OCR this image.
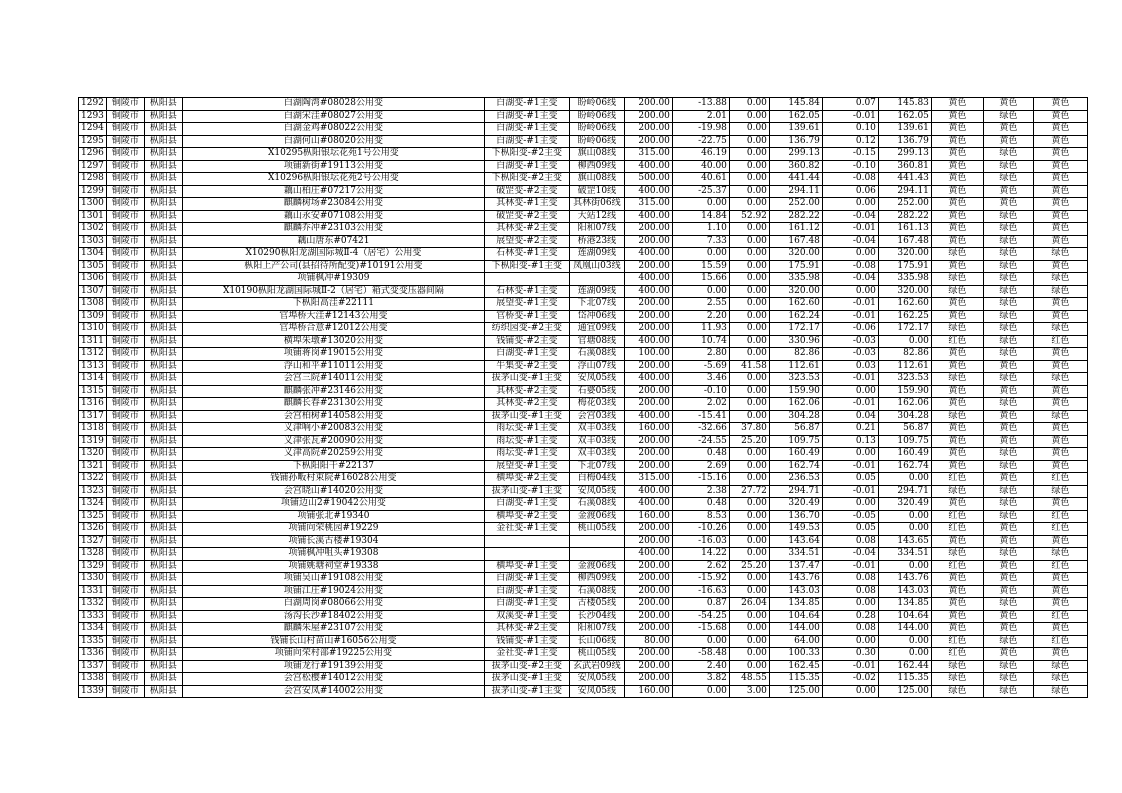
1292	铜陵市	枞阳县	白湖陶湾#08028公用变	白湖变-#1主变	盼岭06线	200.00	-13.88	0.00	145.84	0.07	145.83	黄色	黄色	黄色
1293	铜陵市	枞阳县	白湖宋洼#08027公用变	白湖变-#1主变	盼岭06线	200.00	2.01	0.00	162.05	-0.01	162.05	黄色	绿色	黄色
1294	铜陵市	枞阳县	白湖金鸡#08022公用变	白湖变-#1主变	盼岭06线	200.00	-19.98	0.00	139.61	0.10	139.61	黄色	黄色	黄色
1295	铜陵市	枞阳县	白湖何山#08020公用变	白湖变-#1主变	盼岭06线	200.00	-22.75	0.00	136.79	0.12	136.79	黄色	黄色	黄色
1296	铜陵市	枞阳县	X10295枞阳银坛花苑1号公用变	下枞阳变-#2主变	旗山08线	315.00	46.19	0.00	299.13	-0.15	299.13	黄色	绿色	黄色
1297	铜陵市	枞阳县	项铺新街#19113公用变	白湖变-#1主变	柳西09线	400.00	40.00	0.00	360.82	-0.10	360.81	黄色	绿色	黄色
1298	铜陵市	枞阳县	X10296枞阳银坛花苑2号公用变	下枞阳变-#2主变	旗山08线	500.00	40.61	0.00	441.44	-0.08	441.43	黄色	绿色	黄色
1299	铜陵市	枞阳县	藕山柏庄#07217公用变	破罡变-#2主变	破罡10线	400.00	-25.37	0.00	294.11	0.06	294.11	黄色	黄色	黄色
1300	铜陵市	枞阳县	麒麟树场#23084公用变	其林变-#1主变	其林街06线	315.00	0.00	0.00	252.00	0.00	252.00	黄色	黄色	黄色
1301	铜陵市	枞阳县	藕山永安#07108公用变	破罡变-#2主变	大站12线	400.00	14.84	52.92	282.22	-0.04	282.22	黄色	绿色	黄色
1302	铜陵市	枞阳县	麒麟乔冲#23103公用变	其林变-#2主变	阳和07线	200.00	1.10	0.00	161.12	-0.01	161.13	黄色	绿色	黄色
1303	铜陵市	枞阳县	藕山唐东#07421	展望变-#2主变	桥港23线	200.00	7.33	0.00	167.48	-0.04	167.48	黄色	绿色	黄色
1304	铜陵市	枞阳县	X10290枞阳龙湖国际城Ⅱ-4（居宅）公用变	石林变-#1主变	莲湖09线	400.00	0.00	0.00	320.00	0.00	320.00	绿色	绿色	绿色
1305	铜陵市	枞阳县	枞阳上产公司(县招待所配变)#10191公用变	下枞阳变-#1主变	凤凰山03线	200.00	15.59	0.00	175.91	-0.08	175.91	黄色	绿色	黄色
1306	铜陵市	枞阳县	项铺枫冲#19309			400.00	15.66	0.00	335.98	-0.04	335.98	绿色	绿色	绿色
1307	铜陵市	枞阳县	X10190枞阳龙湖国际城Ⅱ-2（居宅）箱式变变压器间隔	石林变-#1主变	莲湖09线	400.00	0.00	0.00	320.00	0.00	320.00	绿色	绿色	绿色
1308	铜陵市	枞阳县	下枞阳高洼#22111	展望变-#1主变	下北07线	200.00	2.55	0.00	162.60	-0.01	162.60	黄色	绿色	黄色
1309	铜陵市	枞阳县	官埠桥大洼#12143公用变	官桥变-#1主变	岱冲06线	200.00	2.20	0.00	162.24	-0.01	162.25	黄色	绿色	黄色
1310	铜陵市	枞阳县	官埠桥合意#12012公用变	纺织园变-#2主变	通宜09线	200.00	11.93	0.00	172.17	-0.06	172.17	绿色	绿色	绿色
1311	铜陵市	枞阳县	横埠朱墩#13020公用变	钱铺变-#2主变	官塘08线	400.00	10.74	0.00	330.96	-0.03	0.00	红色	绿色	红色
1312	铜陵市	枞阳县	项铺蒋岗#19015公用变	白湖变-#1主变	石溪08线	100.00	2.80	0.00	82.86	-0.03	82.86	黄色	绿色	黄色
1313	铜陵市	枞阳县	浮山和平#11011公用变	牛集变-#2主变	浮山07线	200.00	-5.69	41.58	112.61	0.03	112.61	黄色	黄色	黄色
1314	铜陵市	枞阳县	会宫三院#14011公用变	拔茅山变-#1主变	安凤05线	400.00	3.46	0.00	323.53	-0.01	323.53	绿色	绿色	绿色
1315	铜陵市	枞阳县	麒麟张冲#23146公用变	其林变-#2主变	石婆05线	200.00	-0.10	0.00	159.90	0.00	159.90	黄色	黄色	黄色
1316	铜陵市	枞阳县	麒麟长春#23130公用变	其林变-#2主变	梅花03线	200.00	2.02	0.00	162.06	-0.01	162.06	黄色	绿色	黄色
1317	铜陵市	枞阳县	会宫柏树#14058公用变	拔茅山变-#1主变	会宫03线	400.00	-15.41	0.00	304.28	0.04	304.28	绿色	黄色	绿色
1318	铜陵市	枞阳县	义津响小#20083公用变	雨坛变-#1主变	双丰03线	160.00	-32.66	37.80	56.87	0.21	56.87	黄色	黄色	黄色
1319	铜陵市	枞阳县	义津张瓦#20090公用变	雨坛变-#1主变	双丰03线	200.00	-24.55	25.20	109.75	0.13	109.75	黄色	黄色	黄色
1320	铜陵市	枞阳县	义津高院#20259公用变	雨坛变-#1主变	双丰03线	200.00	0.48	0.00	160.49	0.00	160.49	黄色	绿色	黄色
1321	铜陵市	枞阳县	下枞阳阳干#22137	展望变-#1主变	下北07线	200.00	2.69	0.00	162.74	-0.01	162.74	黄色	绿色	黄色
1322	铜陵市	枞阳县	钱铺孙畈村束院#16028公用变	横埠变-#2主变	白梅04线	315.00	-15.16	0.00	236.53	0.05	0.00	红色	黄色	红色
1323	铜陵市	枞阳县	会宫晓山#14020公用变	拔茅山变-#1主变	安凤05线	400.00	2.38	27.72	294.71	-0.01	294.71	绿色	绿色	绿色
1324	铜陵市	枞阳县	项铺边山2#19042公用变	白湖变-#1主变	石溪08线	400.00	0.48	0.00	320.49	0.00	320.49	黄色	绿色	黄色
1325	铜陵市	枞阳县	项铺张北#19340	横埠变-#2主变	金渡06线	160.00	8.53	0.00	136.70	-0.05	0.00	红色	绿色	红色
1326	铜陵市	枞阳县	项铺向荣桃园#19229	金社变-#1主变	桃山05线	200.00	-10.26	0.00	149.53	0.05	0.00	红色	黄色	红色
1327	铜陵市	枞阳县	项铺长溪古楼#19304			200.00	-16.03	0.00	143.64	0.08	143.65	黄色	黄色	黄色
1328	铜陵市	枞阳县	项铺枫冲咀头#19308			400.00	14.22	0.00	334.51	-0.04	334.51	绿色	绿色	绿色
1329	铜陵市	枞阳县	项铺姚塘祠堂#19338	横埠变-#1主变	金渡06线	200.00	2.62	25.20	137.47	-0.01	0.00	红色	黄色	红色
1330	铜陵市	枞阳县	项铺吴山#19108公用变	白湖变-#1主变	柳西09线	200.00	-15.92	0.00	143.76	0.08	143.76	黄色	黄色	黄色
1331	铜陵市	枞阳县	项铺江庄#19024公用变	白湖变-#1主变	石溪08线	200.00	-16.63	0.00	143.03	0.08	143.03	黄色	黄色	黄色
1332	铜陵市	枞阳县	白湖周岗#08066公用变	白湖变-#1主变	古楼05线	200.00	0.87	26.04	134.85	0.00	134.85	黄色	绿色	黄色
1333	铜陵市	枞阳县	汤沟长沙#18402公用变	双溪变-#1主变	长沙04线	200.00	-54.25	0.00	104.64	0.28	104.64	黄色	黄色	红色
1334	铜陵市	枞阳县	麒麟朱屋#23107公用变	其林变-#2主变	阳和07线	200.00	-15.68	0.00	144.00	0.08	144.00	黄色	黄色	黄色
1335	铜陵市	枞阳县	钱铺长山村苗山#16056公用变	钱铺变-#1主变	长山06线	80.00	0.00	0.00	64.00	0.00	0.00	红色	绿色	红色
1336	铜陵市	枞阳县	项铺向荣村部#19225公用变	金社变-#1主变	桃山05线	200.00	-58.48	0.00	100.33	0.30	0.00	红色	黄色	黄色
1337	铜陵市	枞阳县	项铺龙行#19139公用变	拔茅山变-#2主变	玄武岩09线	200.00	2.40	0.00	162.45	-0.01	162.44	绿色	绿色	绿色
1338	铜陵市	枞阳县	会宫松樱#14012公用变	拔茅山变-#1主变	安凤05线	200.00	3.82	48.55	115.35	-0.02	115.35	绿色	绿色	绿色
1339	铜陵市	枞阳县	会宫安凤#14002公用变	拔茅山变-#1主变	安凤05线	160.00	0.00	3.00	125.00	0.00	125.00	绿色	绿色	绿色
